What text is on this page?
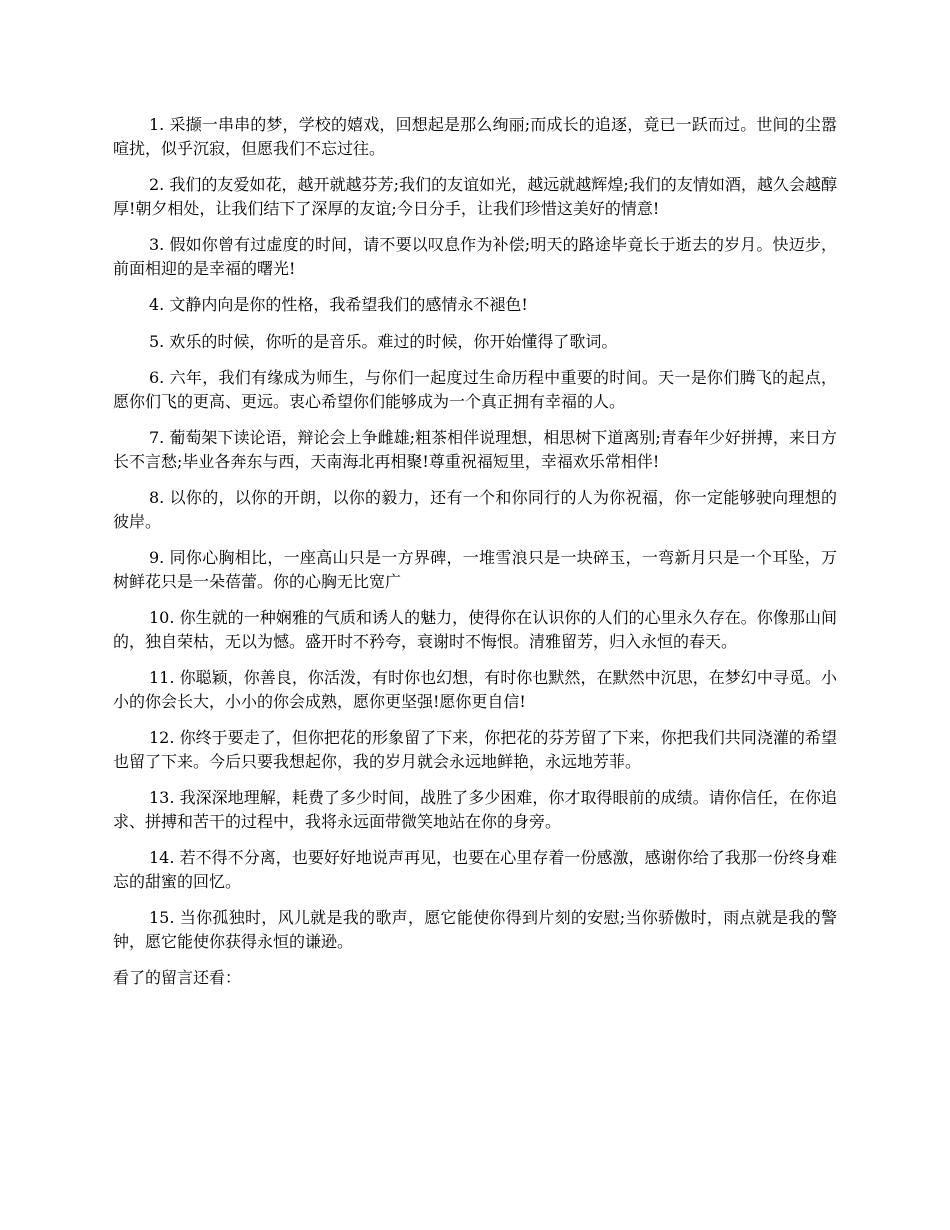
1. 采撷一串串的梦，学校的嬉戏，回想起是那么绚丽;而成长的追逐，竟已一跃而过。世间的尘嚣喧扰，似乎沉寂，但愿我们不忘过往。

2. 我们的友爱如花，越开就越芬芳;我们的友谊如光，越远就越辉煌;我们的友情如酒，越久会越醇厚!朝夕相处，让我们结下了深厚的友谊;今日分手，让我们珍惜这美好的情意!

3. 假如你曾有过虚度的时间，请不要以叹息作为补偿;明天的路途毕竟长于逝去的岁月。快迈步，前面相迎的是幸福的曙光!

4. 文静内向是你的性格，我希望我们的感情永不褪色!

5. 欢乐的时候，你听的是音乐。难过的时候，你开始懂得了歌词。

6. 六年，我们有缘成为师生，与你们一起度过生命历程中重要的时间。天一是你们腾飞的起点，愿你们飞的更高、更远。衷心希望你们能够成为一个真正拥有幸福的人。

7. 葡萄架下读论语，辩论会上争雌雄;粗茶相伴说理想，相思树下道离别;青春年少好拼搏，来日方长不言愁;毕业各奔东与西，天南海北再相聚!尊重祝福短里，幸福欢乐常相伴!

8. 以你的，以你的开朗，以你的毅力，还有一个和你同行的人为你祝福，你一定能够驶向理想的彼岸。

9. 同你心胸相比，一座高山只是一方界碑，一堆雪浪只是一块碎玉，一弯新月只是一个耳坠，万树鲜花只是一朵蓓蕾。你的心胸无比宽广

10. 你生就的一种娴雅的气质和诱人的魅力，使得你在认识你的人们的心里永久存在。你像那山间的，独自荣枯，无以为憾。盛开时不矜夸，衰谢时不悔恨。清雅留芳，归入永恒的春天。

11. 你聪颖，你善良，你活泼，有时你也幻想，有时你也默然，在默然中沉思，在梦幻中寻觅。小小的你会长大，小小的你会成熟，愿你更坚强!愿你更自信!

12. 你终于要走了，但你把花的形象留了下来，你把花的芬芳留了下来，你把我们共同浇灌的希望也留了下来。今后只要我想起你，我的岁月就会永远地鲜艳，永远地芳菲。

13. 我深深地理解，耗费了多少时间，战胜了多少困难，你才取得眼前的成绩。请你信任，在你追求、拼搏和苦干的过程中，我将永远面带微笑地站在你的身旁。

14. 若不得不分离，也要好好地说声再见，也要在心里存着一份感激，感谢你给了我那一份终身难忘的甜蜜的回忆。

15. 当你孤独时，风儿就是我的歌声，愿它能使你得到片刻的安慰;当你骄傲时，雨点就是我的警钟，愿它能使你获得永恒的谦逊。

看了的留言还看：
